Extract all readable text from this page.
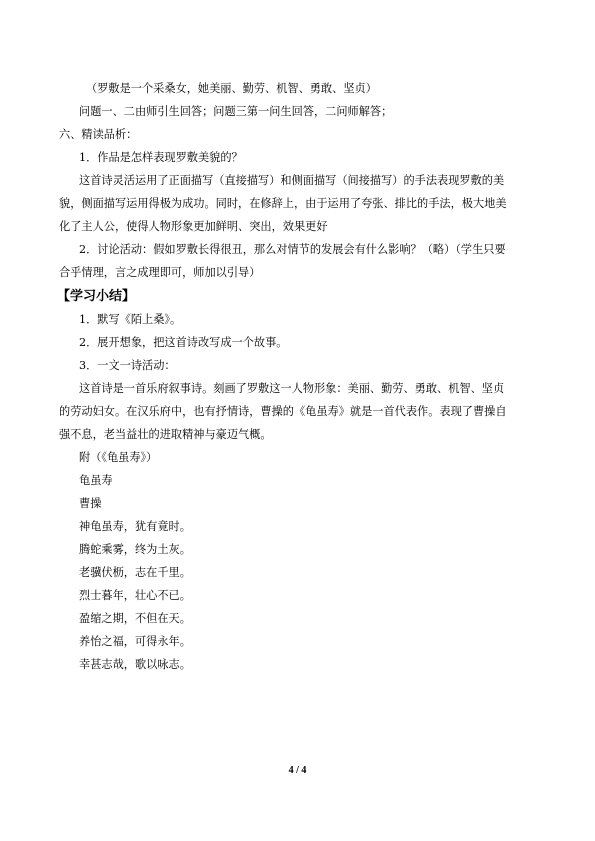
（罗敷是一个采桑女，她美丽、勤劳、机智、勇敢、坚贞）
问题一、二由师引生回答；问题三第一问生回答，二问师解答；
六、精读品析：
1．作品是怎样表现罗敷美貌的？
这首诗灵活运用了正面描写（直接描写）和侧面描写（间接描写）的手法表现罗敷的美
貌，侧面描写运用得极为成功。同时，在修辞上，由于运用了夸张、排比的手法，极大地美
化了主人公，使得人物形象更加鲜明、突出，效果更好
2．讨论活动：假如罗敷长得很丑，那么对情节的发展会有什么影响？（略）（学生只要
合乎情理，言之成理即可，师加以引导）
【学习小结】
1．默写《陌上桑》。
2．展开想象，把这首诗改写成一个故事。
3．一文一诗活动：
这首诗是一首乐府叙事诗。刻画了罗敷这一人物形象：美丽、勤劳、勇敢、机智、坚贞
的劳动妇女。在汉乐府中，也有抒情诗，曹操的《龟虽寿》就是一首代表作。表现了曹操自
强不息，老当益壮的进取精神与豪迈气概。
附（《龟虽寿》）
龟虽寿
曹操
神龟虽寿，犹有竟时。
腾蛇乘雾，终为土灰。
老骥伏枥，志在千里。
烈士暮年，壮心不已。
盈缩之期，不但在天。
养怡之福，可得永年。
幸甚志哉，歌以咏志。
4 / 4
